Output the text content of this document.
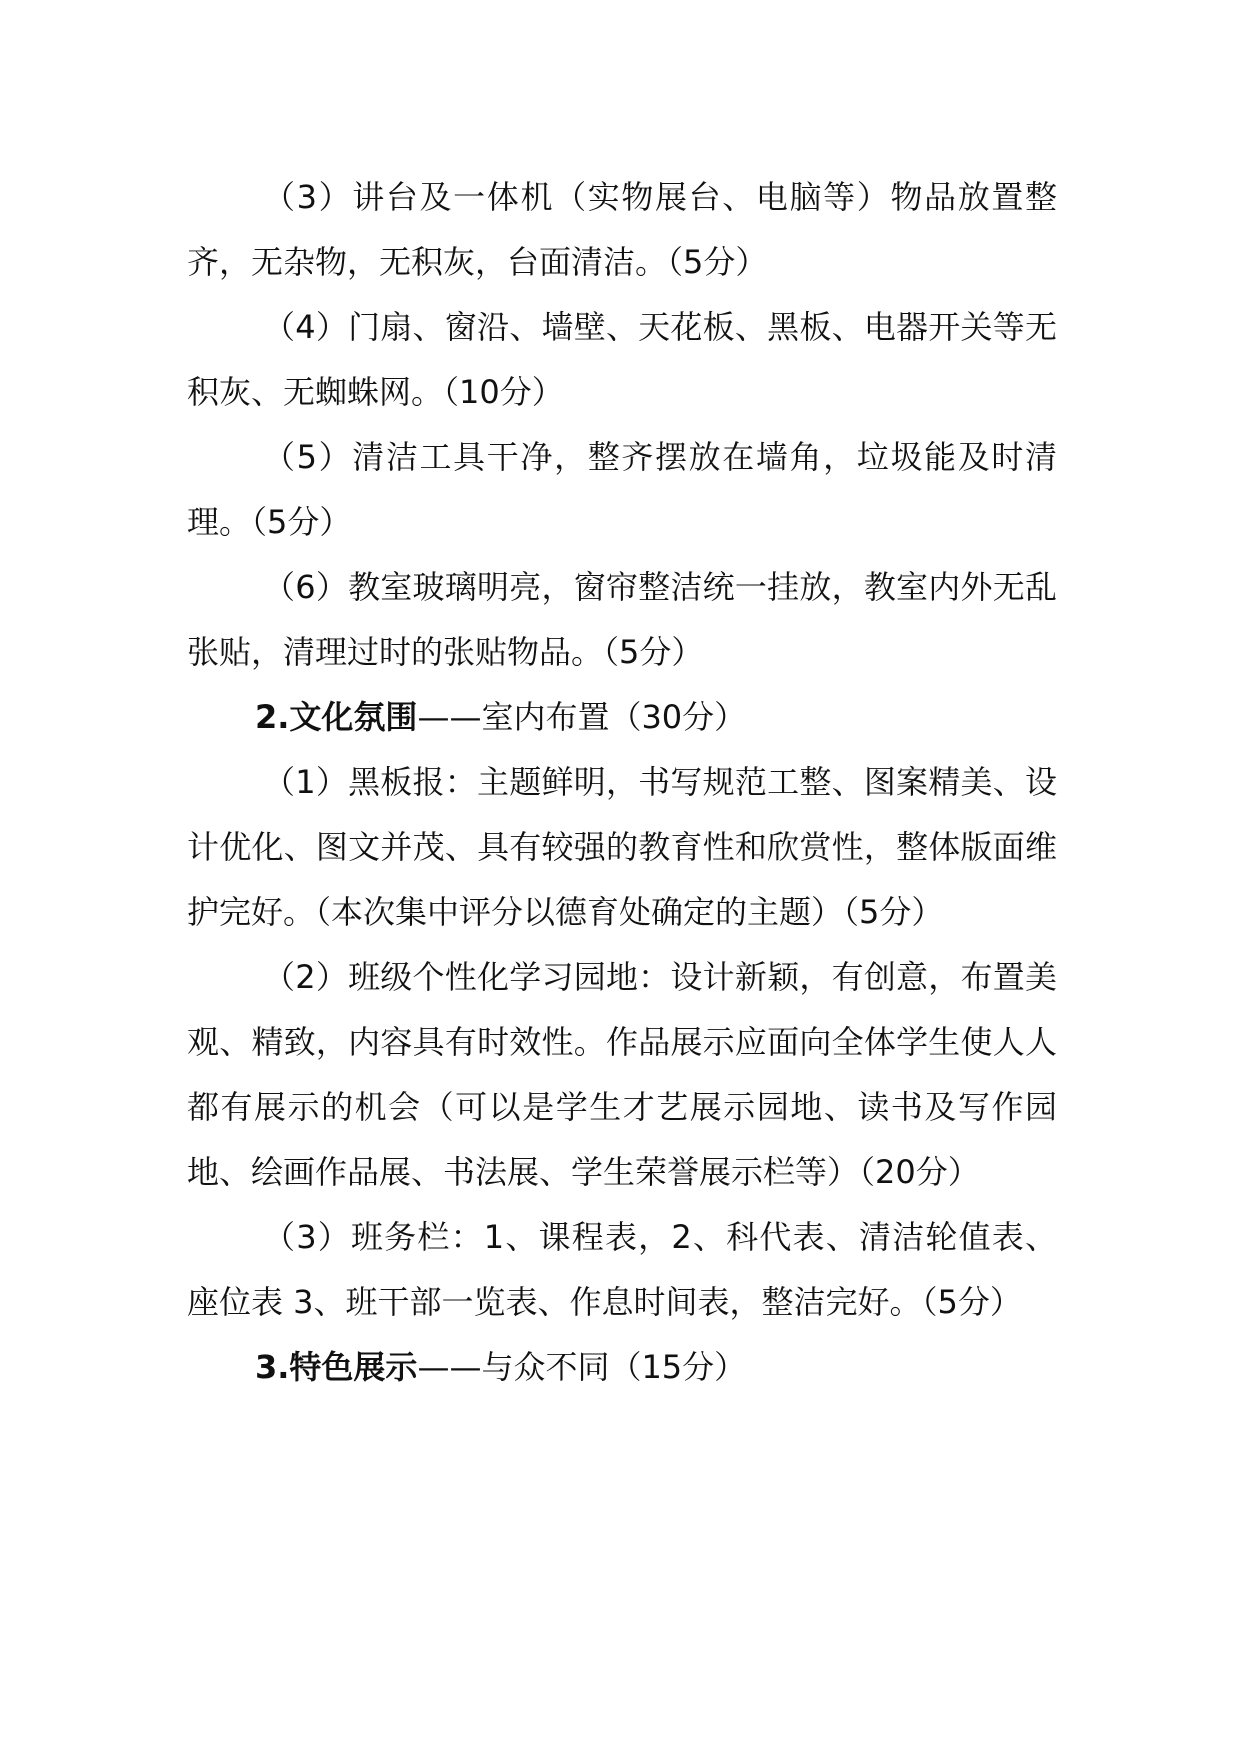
（3）讲台及一体机（实物展台、电脑等）物品放置整齐，无杂物，无积灰，台面清洁。（5分）

（4）门扇、窗沿、墙壁、天花板、黑板、电器开关等无积灰、无蜘蛛网。（10分）

（5）清洁工具干净，整齐摆放在墙角，垃圾能及时清理。（5分）

（6）教室玻璃明亮，窗帘整洁统一挂放，教室内外无乱张贴，清理过时的张贴物品。（5分）

2.文化氛围——室内布置（30分）

（1）黑板报：主题鲜明，书写规范工整、图案精美、设计优化、图文并茂、具有较强的教育性和欣赏性，整体版面维护完好。（本次集中评分以德育处确定的主题）（5分）

（2）班级个性化学习园地：设计新颖，有创意，布置美观、精致，内容具有时效性。作品展示应面向全体学生使人人都有展示的机会（可以是学生才艺展示园地、读书及写作园地、绘画作品展、书法展、学生荣誉展示栏等）（20分）

（3）班务栏：1、课程表，2、科代表、清洁轮值表、座位表 3、班干部一览表、作息时间表，整洁完好。（5分）

3.特色展示——与众不同（15分）
